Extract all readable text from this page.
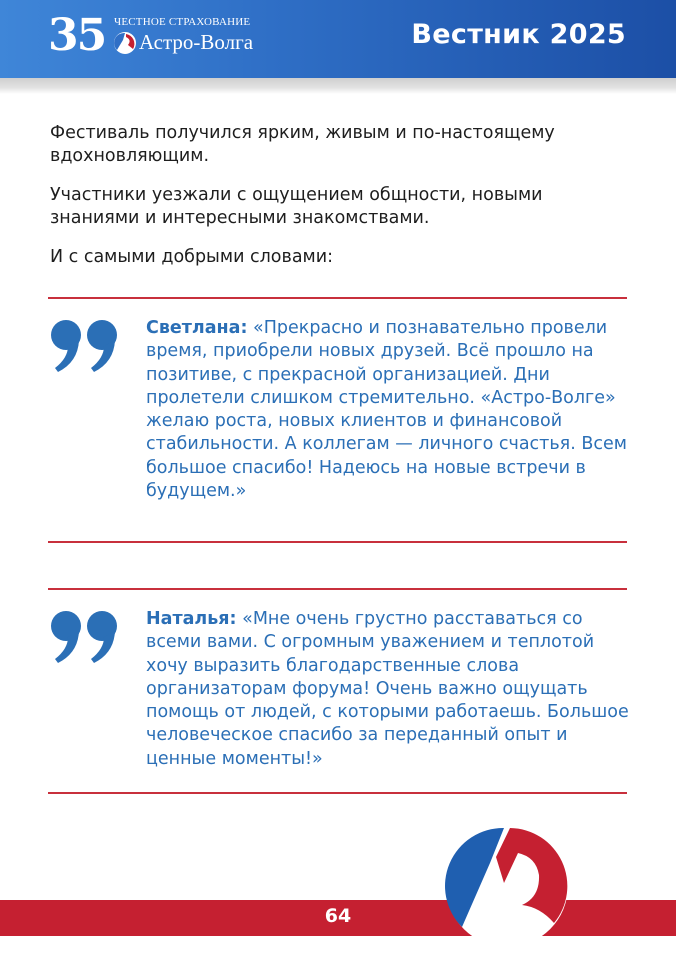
35 ЧЕСТНОЕ СТРАХОВАНИЕ
Астро-Волга	Вестник 2025

Фестиваль получился ярким, живым и по-настоящему вдохновляющим.

Участники уезжали с ощущением общности, новыми знаниями и интересными знакомствами.

И с самыми добрыми словами:

Светлана: «Прекрасно и познавательно провели время, приобрели новых друзей. Всё прошло на позитиве, с прекрасной организацией. Дни пролетели слишком стремительно. «Астро-Волге» желаю роста, новых клиентов и финансовой стабильности. А коллегам — личного счастья. Всем большое спасибо! Надеюсь на новые встречи в будущем.»

Наталья: «Мне очень грустно расставаться со всеми вами. С огромным уважением и теплотой хочу выразить благодарственные слова организаторам форума! Очень важно ощущать помощь от людей, с которыми работаешь. Большое человеческое спасибо за переданный опыт и ценные моменты!»

64
